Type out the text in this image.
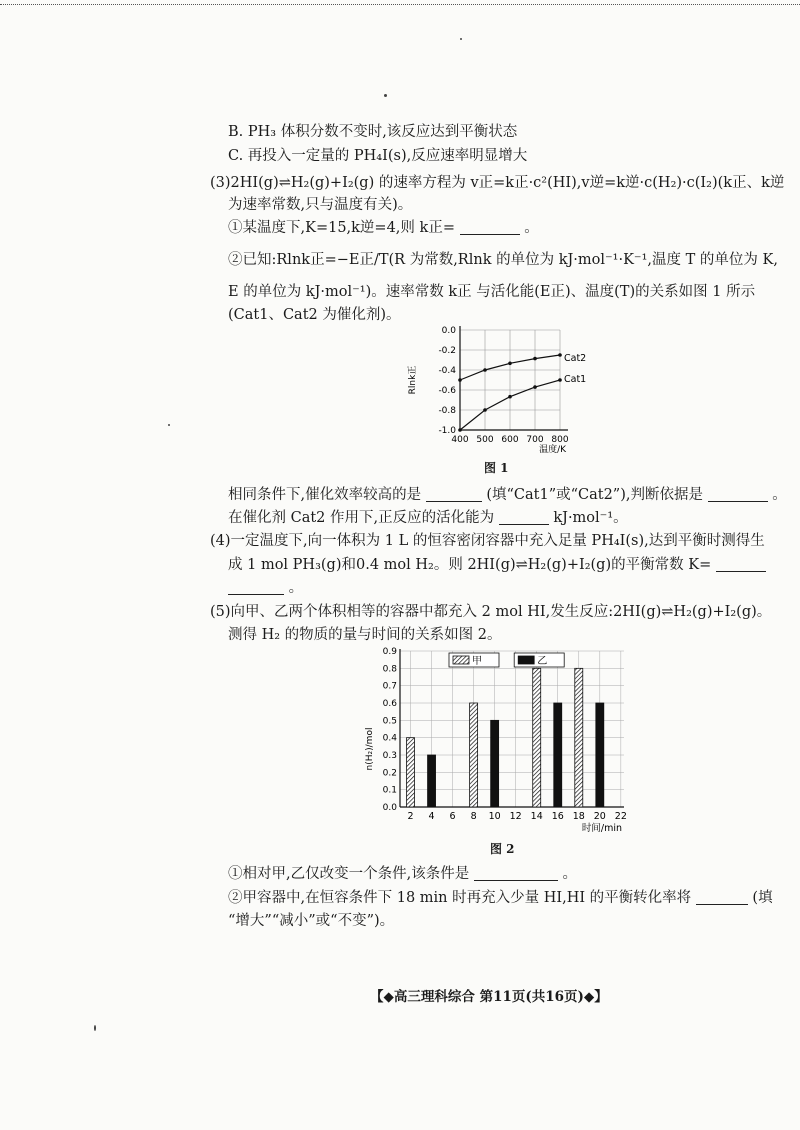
B. PH₃ 体积分数不变时,该反应达到平衡状态
C. 再投入一定量的 PH₄I(s),反应速率明显增大
(3)2HI(g)⇌H₂(g)+I₂(g) 的速率方程为 v正=k正·c²(HI),v逆=k逆·c(H₂)·c(I₂)(k正、k逆
为速率常数,只与温度有关)。
①某温度下,K=15,k逆=4,则 k正=	。
②已知:Rlnk正=−E正/T(R 为常数,Rlnk 的单位为 kJ·mol⁻¹·K⁻¹,温度 T 的单位为 K,
E 的单位为 kJ·mol⁻¹)。速率常数 k正 与活化能(E正)、温度(T)的关系如图 1 所示
(Cat1、Cat2 为催化剂)。
400 500 600 700 800
0.0
-0.2
-0.4
-0.6
-0.8
-1.0
温度/K
Rlnk正
Cat2
Cat1
图 1
相同条件下,催化效率较高的是	(填“Cat1”或“Cat2”),判断依据是	。
在催化剂 Cat2 作用下,正反应的活化能为	kJ·mol⁻¹。
(4)一定温度下,向一体积为 1 L 的恒容密闭容器中充入足量 PH₄I(s),达到平衡时测得生
成 1 mol PH₃(g)和0.4 mol H₂。则 2HI(g)⇌H₂(g)+I₂(g)的平衡常数 K=
。
(5)向甲、乙两个体积相等的容器中都充入 2 mol HI,发生反应:2HI(g)⇌H₂(g)+I₂(g)。
测得 H₂ 的物质的量与时间的关系如图 2。
0.0
0.1
0.2
0.3
0.4
0.5
0.6
0.7
0.8
0.9
2 4 6 8 10 12 14 16 18 20 22
时间/min
n(H₂)/mol
甲	乙
图 2
①相对甲,乙仅改变一个条件,该条件是	。
②甲容器中,在恒容条件下 18 min 时再充入少量 HI,HI 的平衡转化率将	(填
“增大”“减小”或“不变”)。
【◆高三理科综合 第11页(共16页)◆】
